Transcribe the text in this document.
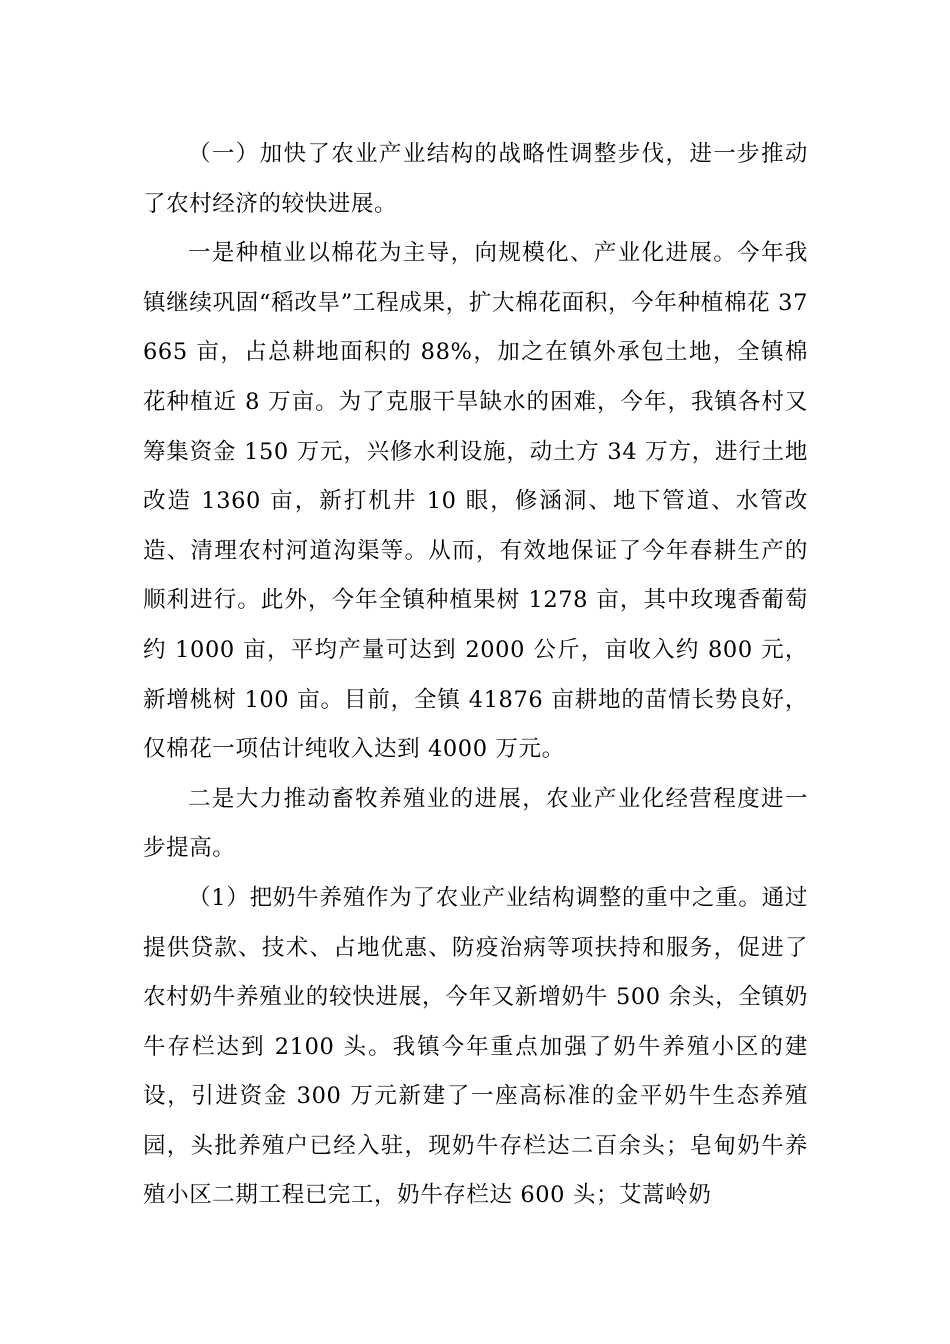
（一）加快了农业产业结构的战略性调整步伐，进一步推动了农村经济的较快进展。

一是种植业以棉花为主导，向规模化、产业化进展。今年我镇继续巩固“稻改旱”工程成果，扩大棉花面积，今年种植棉花 37665 亩，占总耕地面积的 88%，加之在镇外承包土地，全镇棉花种植近 8 万亩。为了克服干旱缺水的困难，今年，我镇各村又筹集资金 150 万元，兴修水利设施，动土方 34 万方，进行土地改造 1360 亩，新打机井 10 眼，修涵洞、地下管道、水管改造、清理农村河道沟渠等。从而，有效地保证了今年春耕生产的顺利进行。此外，今年全镇种植果树 1278 亩，其中玫瑰香葡萄约 1000 亩，平均产量可达到 2000 公斤，亩收入约 800 元，新增桃树 100 亩。目前，全镇 41876 亩耕地的苗情长势良好，仅棉花一项估计纯收入达到 4000 万元。

二是大力推动畜牧养殖业的进展，农业产业化经营程度进一步提高。

（1）把奶牛养殖作为了农业产业结构调整的重中之重。通过提供贷款、技术、占地优惠、防疫治病等项扶持和服务，促进了农村奶牛养殖业的较快进展，今年又新增奶牛 500 余头，全镇奶牛存栏达到 2100 头。我镇今年重点加强了奶牛养殖小区的建设，引进资金 300 万元新建了一座高标准的金平奶牛生态养殖园，头批养殖户已经入驻，现奶牛存栏达二百余头；皂甸奶牛养殖小区二期工程已完工，奶牛存栏达 600 头；艾蒿岭奶
